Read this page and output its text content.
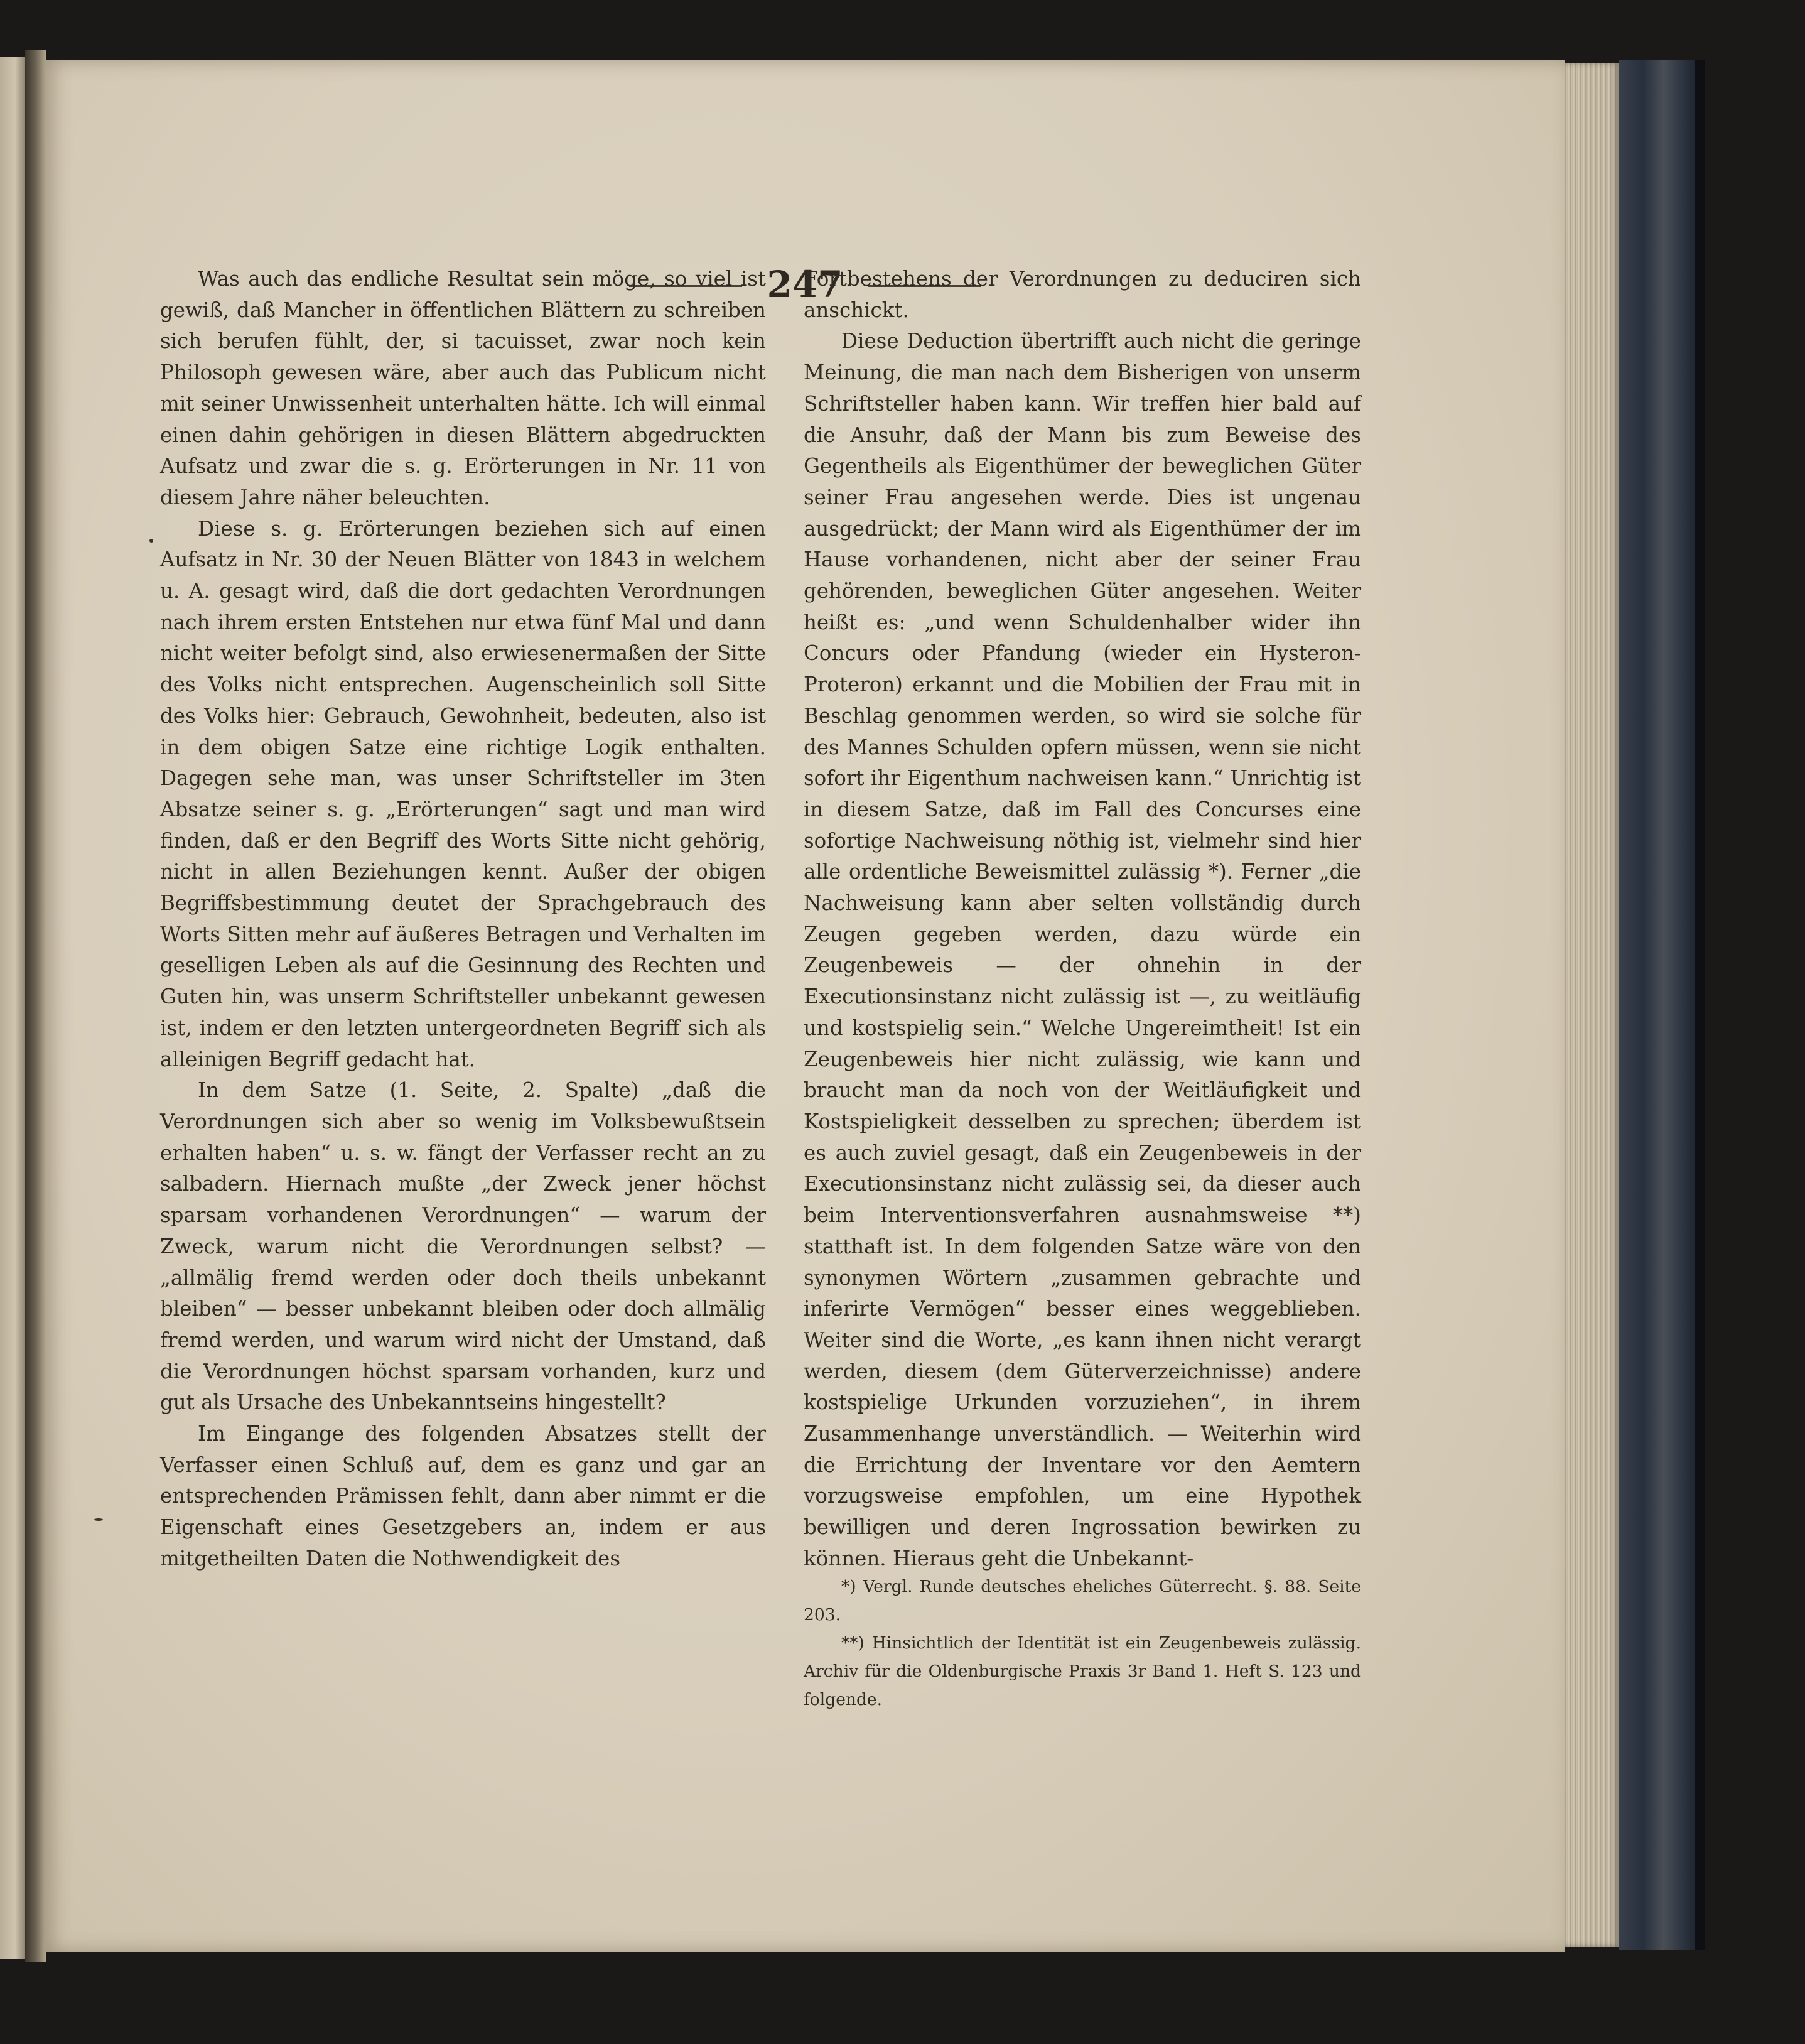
247

Was auch das endliche Resultat sein möge, so viel ist gewiß, daß Mancher in öffentlichen Blättern zu schreiben sich berufen fühlt, der, si tacuisset, zwar noch kein Philosoph gewesen wäre, aber auch das Publicum nicht mit seiner Unwissenheit unterhalten hätte. Ich will einmal einen dahin gehörigen in diesen Blättern abgedruckten Aufsatz und zwar die s. g. Erörterungen in Nr. 11 von diesem Jahre näher beleuchten.

Diese s. g. Erörterungen beziehen sich auf einen Aufsatz in Nr. 30 der Neuen Blätter von 1843 in welchem u. A. gesagt wird, daß die dort gedachten Verordnungen nach ihrem ersten Entstehen nur etwa fünf Mal und dann nicht weiter befolgt sind, also erwiesenermaßen der Sitte des Volks nicht entsprechen. Augenscheinlich soll Sitte des Volks hier: Gebrauch, Gewohnheit, bedeuten, also ist in dem obigen Satze eine richtige Logik enthalten. Dagegen sehe man, was unser Schriftsteller im 3ten Absatze seiner s. g. „Erörterungen“ sagt und man wird finden, daß er den Begriff des Worts Sitte nicht gehörig, nicht in allen Beziehungen kennt. Außer der obigen Begriffsbestimmung deutet der Sprachgebrauch des Worts Sitten mehr auf äußeres Betragen und Verhalten im geselligen Leben als auf die Gesinnung des Rechten und Guten hin, was unserm Schriftsteller unbekannt gewesen ist, indem er den letzten untergeordneten Begriff sich als alleinigen Begriff gedacht hat.

In dem Satze (1. Seite, 2. Spalte) „daß die Verordnungen sich aber so wenig im Volksbewußtsein erhalten haben“ u. s. w. fängt der Verfasser recht an zu salbadern. Hiernach mußte „der Zweck jener höchst sparsam vorhandenen Verordnungen“ — warum der Zweck, warum nicht die Verordnungen selbst? — „allmälig fremd werden oder doch theils unbekannt bleiben“ — besser unbekannt bleiben oder doch allmälig fremd werden, und warum wird nicht der Umstand, daß die Verordnungen höchst sparsam vorhanden, kurz und gut als Ursache des Unbekanntseins hingestellt?

Im Eingange des folgenden Absatzes stellt der Verfasser einen Schluß auf, dem es ganz und gar an entsprechenden Prämissen fehlt, dann aber nimmt er die Eigenschaft eines Gesetzgebers an, indem er aus mitgetheilten Daten die Nothwendigkeit des

Fortbestehens der Verordnungen zu deduciren sich anschickt.

Diese Deduction übertrifft auch nicht die geringe Meinung, die man nach dem Bisherigen von unserm Schriftsteller haben kann. Wir treffen hier bald auf die Ansuhr, daß der Mann bis zum Beweise des Gegentheils als Eigenthümer der beweglichen Güter seiner Frau angesehen werde. Dies ist ungenau ausgedrückt; der Mann wird als Eigenthümer der im Hause vorhandenen, nicht aber der seiner Frau gehörenden, beweglichen Güter angesehen. Weiter heißt es: „und wenn Schuldenhalber wider ihn Concurs oder Pfandung (wieder ein Hysteron-Proteron) erkannt und die Mobilien der Frau mit in Beschlag genommen werden, so wird sie solche für des Mannes Schulden opfern müssen, wenn sie nicht sofort ihr Eigenthum nachweisen kann.“ Unrichtig ist in diesem Satze, daß im Fall des Concurses eine sofortige Nachweisung nöthig ist, vielmehr sind hier alle ordentliche Beweismittel zulässig *). Ferner „die Nachweisung kann aber selten vollständig durch Zeugen gegeben werden, dazu würde ein Zeugenbeweis — der ohnehin in der Executionsinstanz nicht zulässig ist —, zu weitläufig und kostspielig sein.“ Welche Ungereimtheit! Ist ein Zeugenbeweis hier nicht zulässig, wie kann und braucht man da noch von der Weitläufigkeit und Kostspieligkeit desselben zu sprechen; überdem ist es auch zuviel gesagt, daß ein Zeugenbeweis in der Executionsinstanz nicht zulässig sei, da dieser auch beim Interventionsverfahren ausnahmsweise **) statthaft ist. In dem folgenden Satze wäre von den synonymen Wörtern „zusammen gebrachte und inferirte Vermögen“ besser eines weggeblieben. Weiter sind die Worte, „es kann ihnen nicht verargt werden, diesem (dem Güterverzeichnisse) andere kostspielige Urkunden vorzuziehen“, in ihrem Zusammenhange unverständlich. — Weiterhin wird die Errichtung der Inventare vor den Aemtern vorzugsweise empfohlen, um eine Hypothek bewilligen und deren Ingrossation bewirken zu können. Hieraus geht die Unbekannt-

*) Vergl. Runde deutsches eheliches Güterrecht. §. 88. Seite 203.

**) Hinsichtlich der Identität ist ein Zeugenbeweis zulässig. Archiv für die Oldenburgische Praxis 3r Band 1. Heft S. 123 und folgende.
